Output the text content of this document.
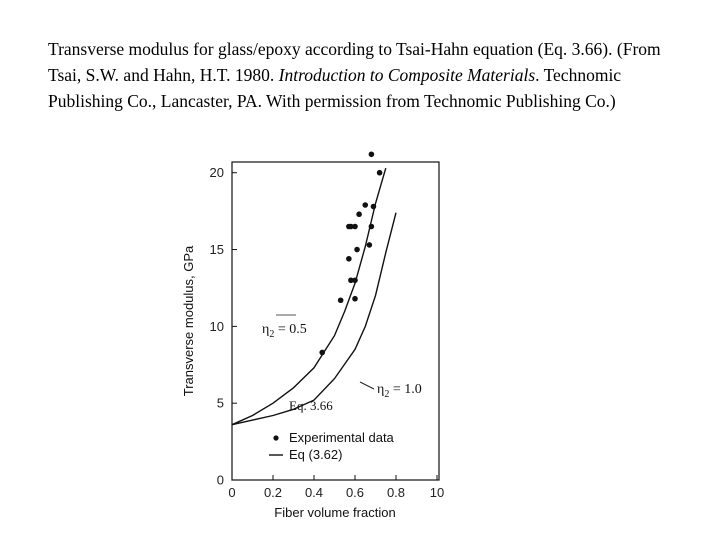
Transverse modulus for glass/epoxy according to Tsai-Hahn equation (Eq. 3.66). (From Tsai, S.W. and Hahn, H.T. 1980. Introduction to Composite Materials. Technomic Publishing Co., Lancaster, PA. With permission from Technomic Publishing Co.)
0 0.2 0.4 0.6 0.8 10
0
5
10
15
20
Fiber volume fraction
Transverse modulus, GPa	$\eta_2 = 0.5$
$\eta_2 = 1.0$
Eq. 3.66
Experimental data
Eq (3.62)
